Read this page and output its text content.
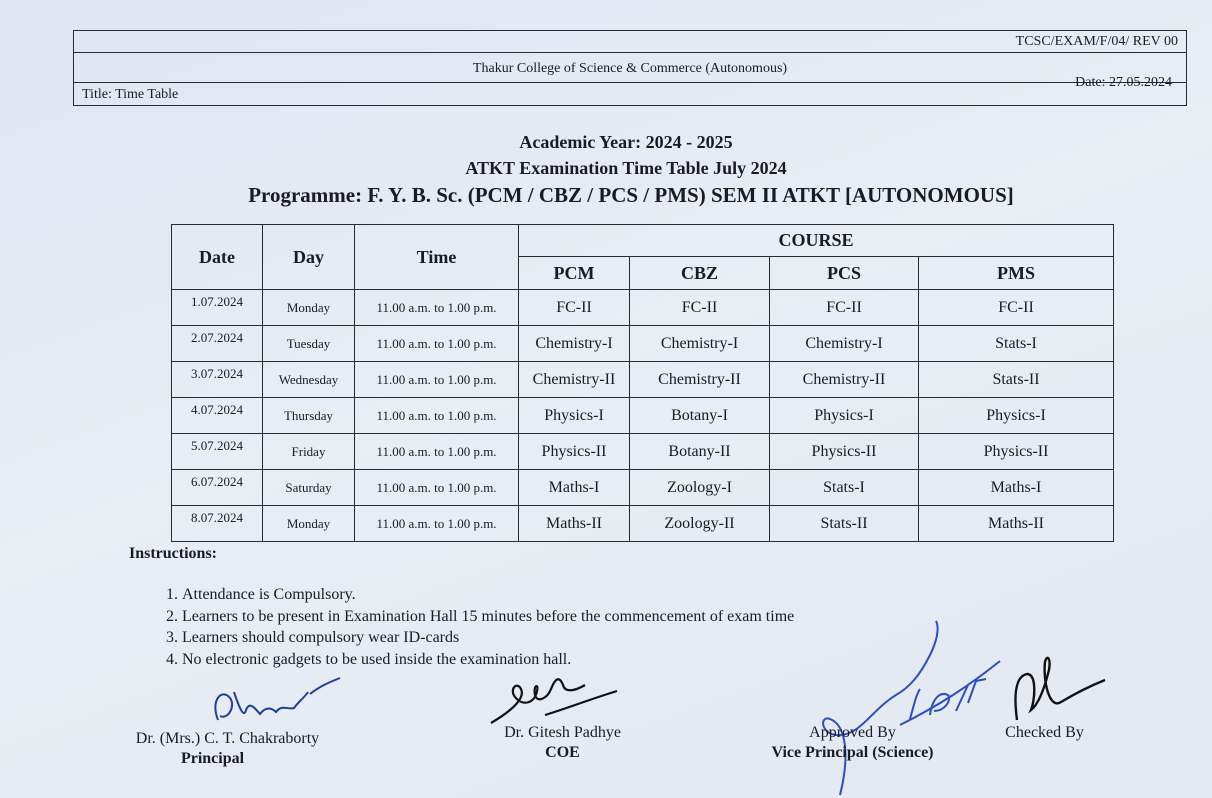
TCSC/EXAM/F/04/ REV 00
Thakur College of Science & Commerce (Autonomous)
Title: Time Table
Date: 27.05.2024
Academic Year: 2024 - 2025
ATKT Examination Time Table July 2024
Programme: F. Y. B. Sc. (PCM / CBZ / PCS / PMS) SEM II ATKT [AUTONOMOUS]
Date	Day	Time	COURSE			
			PCM	CBZ	PCS	PMS
1.07.2024	Monday	11.00 a.m. to 1.00 p.m.	FC-II	FC-II	FC-II	FC-II
2.07.2024	Tuesday	11.00 a.m. to 1.00 p.m.	Chemistry-I	Chemistry-I	Chemistry-I	Stats-I
3.07.2024	Wednesday	11.00 a.m. to 1.00 p.m.	Chemistry-II	Chemistry-II	Chemistry-II	Stats-II
4.07.2024	Thursday	11.00 a.m. to 1.00 p.m.	Physics-I	Botany-I	Physics-I	Physics-I
5.07.2024	Friday	11.00 a.m. to 1.00 p.m.	Physics-II	Botany-II	Physics-II	Physics-II
6.07.2024	Saturday	11.00 a.m. to 1.00 p.m.	Maths-I	Zoology-I	Stats-I	Maths-I
8.07.2024	Monday	11.00 a.m. to 1.00 p.m.	Maths-II	Zoology-II	Stats-II	Maths-II
Instructions:
1. Attendance is Compulsory.
2. Learners to be present in Examination Hall 15 minutes before the commencement of exam time
3. Learners should compulsory wear ID-cards
4. No electronic gadgets to be used inside the examination hall.
Dr. (Mrs.) C. T. Chakraborty
Principal
Dr. Gitesh Padhye
COE
Approved By
Vice Principal (Science)
Checked By
